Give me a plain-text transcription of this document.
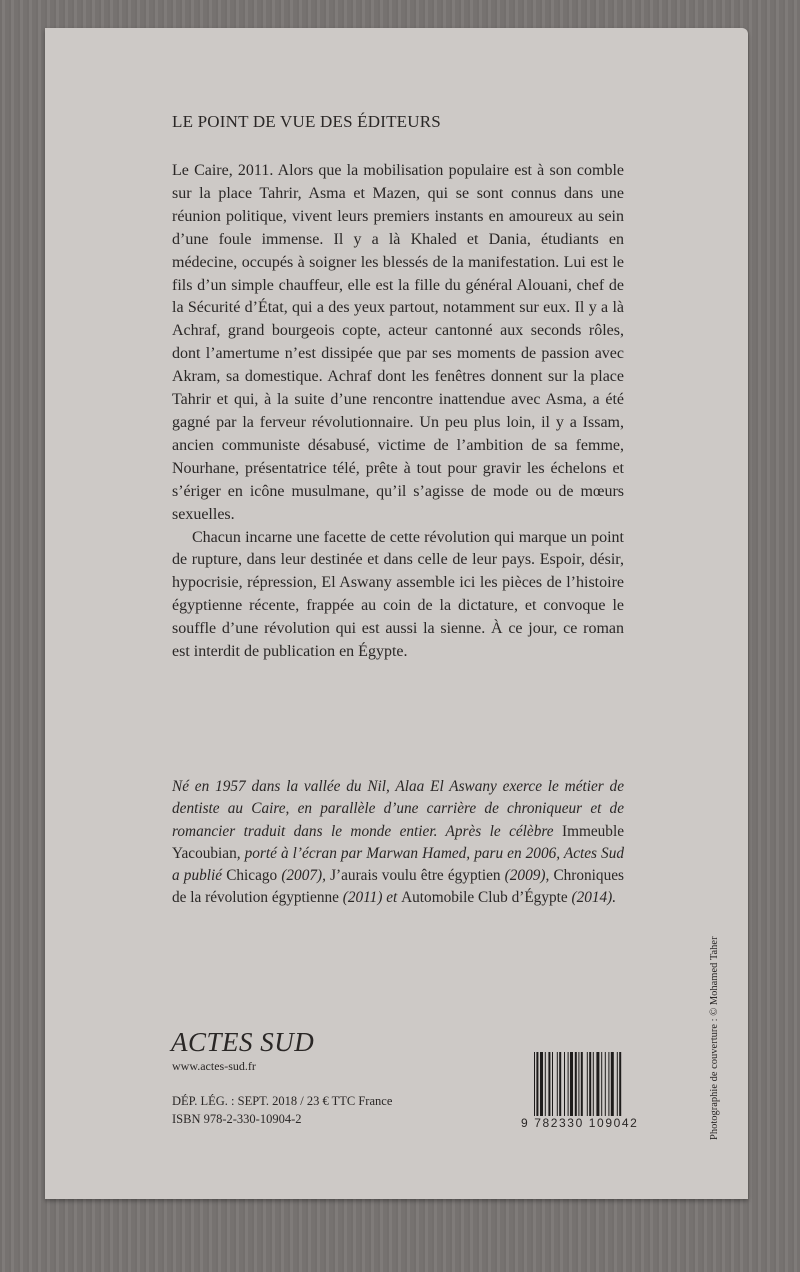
LE POINT DE VUE DES ÉDITEURS

Le Caire, 2011. Alors que la mobilisation populaire est à son comble sur la place Tahrir, Asma et Mazen, qui se sont connus dans une réunion politique, vivent leurs premiers instants en amoureux au sein d’une foule immense. Il y a là Khaled et Dania, étudiants en médecine, occupés à soigner les blessés de la manifestation. Lui est le fils d’un simple chauffeur, elle est la fille du général Alouani, chef de la Sécurité d’État, qui a des yeux partout, notamment sur eux. Il y a là Achraf, grand bourgeois copte, acteur cantonné aux seconds rôles, dont l’amertume n’est dissipée que par ses moments de passion avec Akram, sa domestique. Achraf dont les fenêtres donnent sur la place Tahrir et qui, à la suite d’une rencontre inattendue avec Asma, a été gagné par la ferveur révolutionnaire. Un peu plus loin, il y a Issam, ancien communiste désabusé, victime de l’ambition de sa femme, Nourhane, présentatrice télé, prête à tout pour gravir les échelons et s’ériger en icône musulmane, qu’il s’agisse de mode ou de mœurs sexuelles.

Chacun incarne une facette de cette révolution qui marque un point de rupture, dans leur destinée et dans celle de leur pays. Espoir, désir, hypocrisie, répression, El Aswany assemble ici les pièces de l’histoire égyptienne récente, frappée au coin de la dictature, et convoque le souffle d’une révolution qui est aussi la sienne. À ce jour, ce roman est interdit de publication en Égypte.

Né en 1957 dans la vallée du Nil, Alaa El Aswany exerce le métier de dentiste au Caire, en parallèle d’une carrière de chroniqueur et de romancier traduit dans le monde entier. Après le célèbre Immeuble Yacoubian, porté à l’écran par Marwan Hamed, paru en 2006, Actes Sud a publié Chicago (2007), J’aurais voulu être égyptien (2009), Chroniques de la révolution égyptienne (2011) et Automobile Club d’Égypte (2014).
ACTES SUD
www.actes-sud.fr
DÉP. LÉG. : SEPT. 2018 / 23 € TTC France
ISBN 978-2-330-10904-2	9 782330 109042	Photographie de couverture : © Mohamed Taher
